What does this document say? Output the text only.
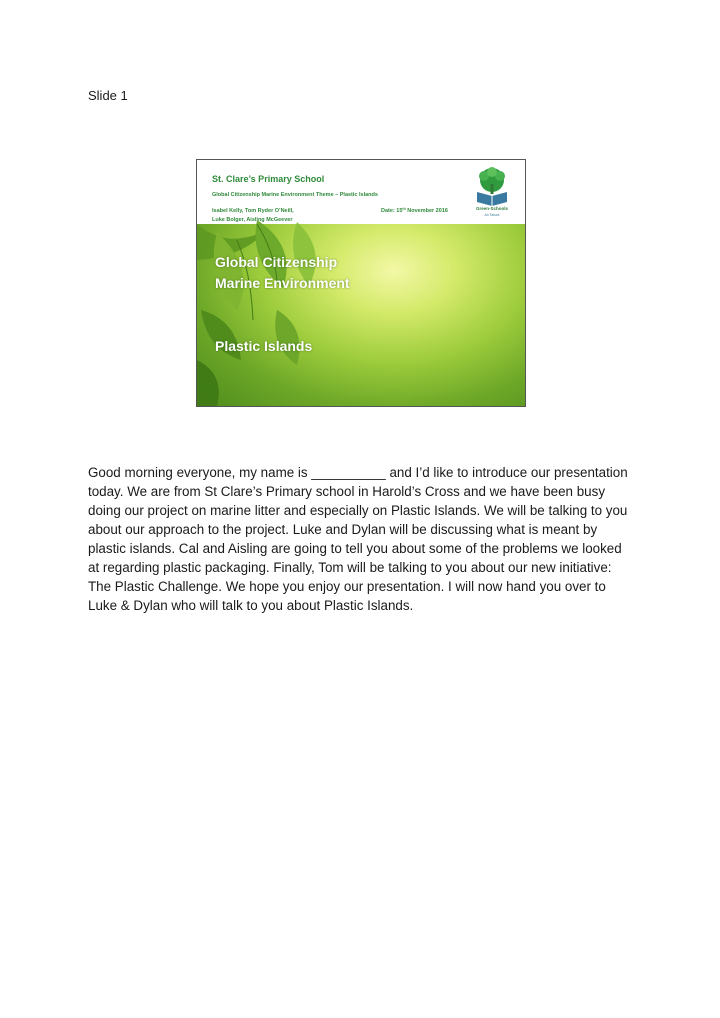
Slide 1
St. Clare’s Primary School
Global Citizenship Marine Environment Theme – Plastic Islands
Isabel Kelly, Tom Ryder O’Neill,
Luke Bolger, Aisling McGeever
Date: 15th November 2016	Green-Schools
An Taisce
Global Citizenship
Marine Environment
Plastic Islands

Good morning everyone, my name is __________ and I’d like to introduce our presentation today. We are from St Clare’s Primary school in Harold’s Cross and we have been busy doing our project on marine litter and especially on Plastic Islands. We will be talking to you about our approach to the project. Luke and Dylan will be discussing what is meant by plastic islands. Cal and Aisling are going to tell you about some of the problems we looked at regarding plastic packaging. Finally, Tom will be talking to you about our new initiative: The Plastic Challenge. We hope you enjoy our presentation. I will now hand you over to Luke & Dylan who will talk to you about Plastic Islands.
